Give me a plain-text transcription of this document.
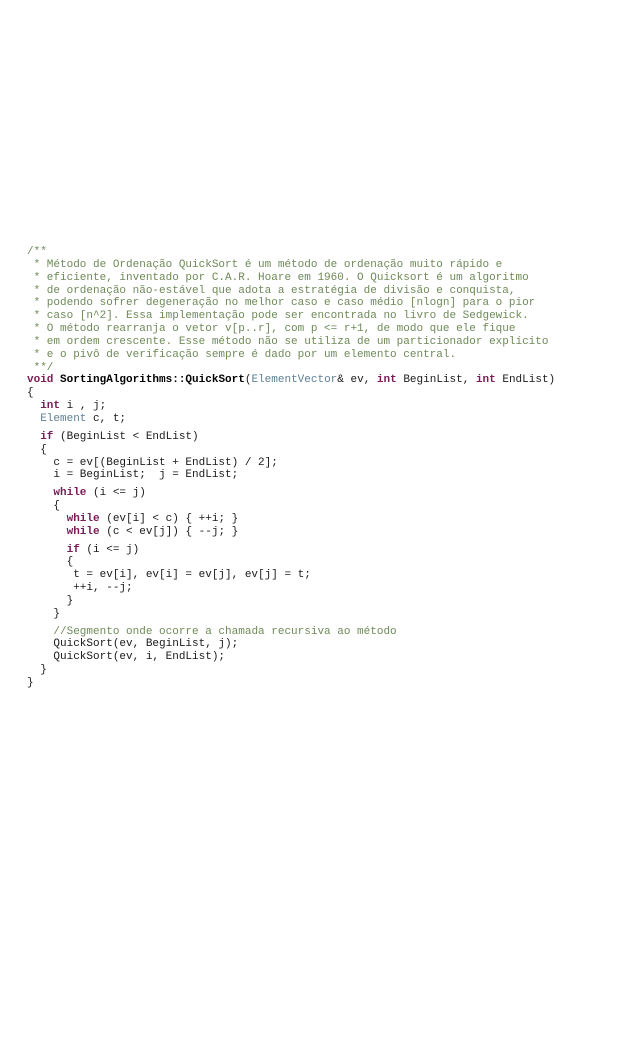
/**
* Método de Ordenação QuickSort é um método de ordenação muito rápido e
* eficiente, inventado por C.A.R. Hoare em 1960. O Quicksort é um algoritmo
* de ordenação não-estável que adota a estratégia de divisão e conquista,
* podendo sofrer degeneração no melhor caso e caso médio [nlogn] para o pior
* caso [n^2]. Essa implementação pode ser encontrada no livro de Sedgewick.
* O método rearranja o vetor v[p..r], com p <= r+1, de modo que ele fique
* em ordem crescente. Esse método não se utiliza de um particionador explícito
* e o pivô de verificação sempre é dado por um elemento central.
**/
void SortingAlgorithms::QuickSort(ElementVector& ev, int BeginList, int EndList)
{
int i , j;
Element c, t;
if (BeginList < EndList)
{
c = ev[(BeginList + EndList) / 2];
i = BeginList;  j = EndList;
while (i <= j)
{
while (ev[i] < c) { ++i; }
while (c < ev[j]) { --j; }
if (i <= j)
{
t = ev[i], ev[i] = ev[j], ev[j] = t;
++i, --j;
}
}
//Segmento onde ocorre a chamada recursiva ao método
QuickSort(ev, BeginList, j);
QuickSort(ev, i, EndList);
}
}
